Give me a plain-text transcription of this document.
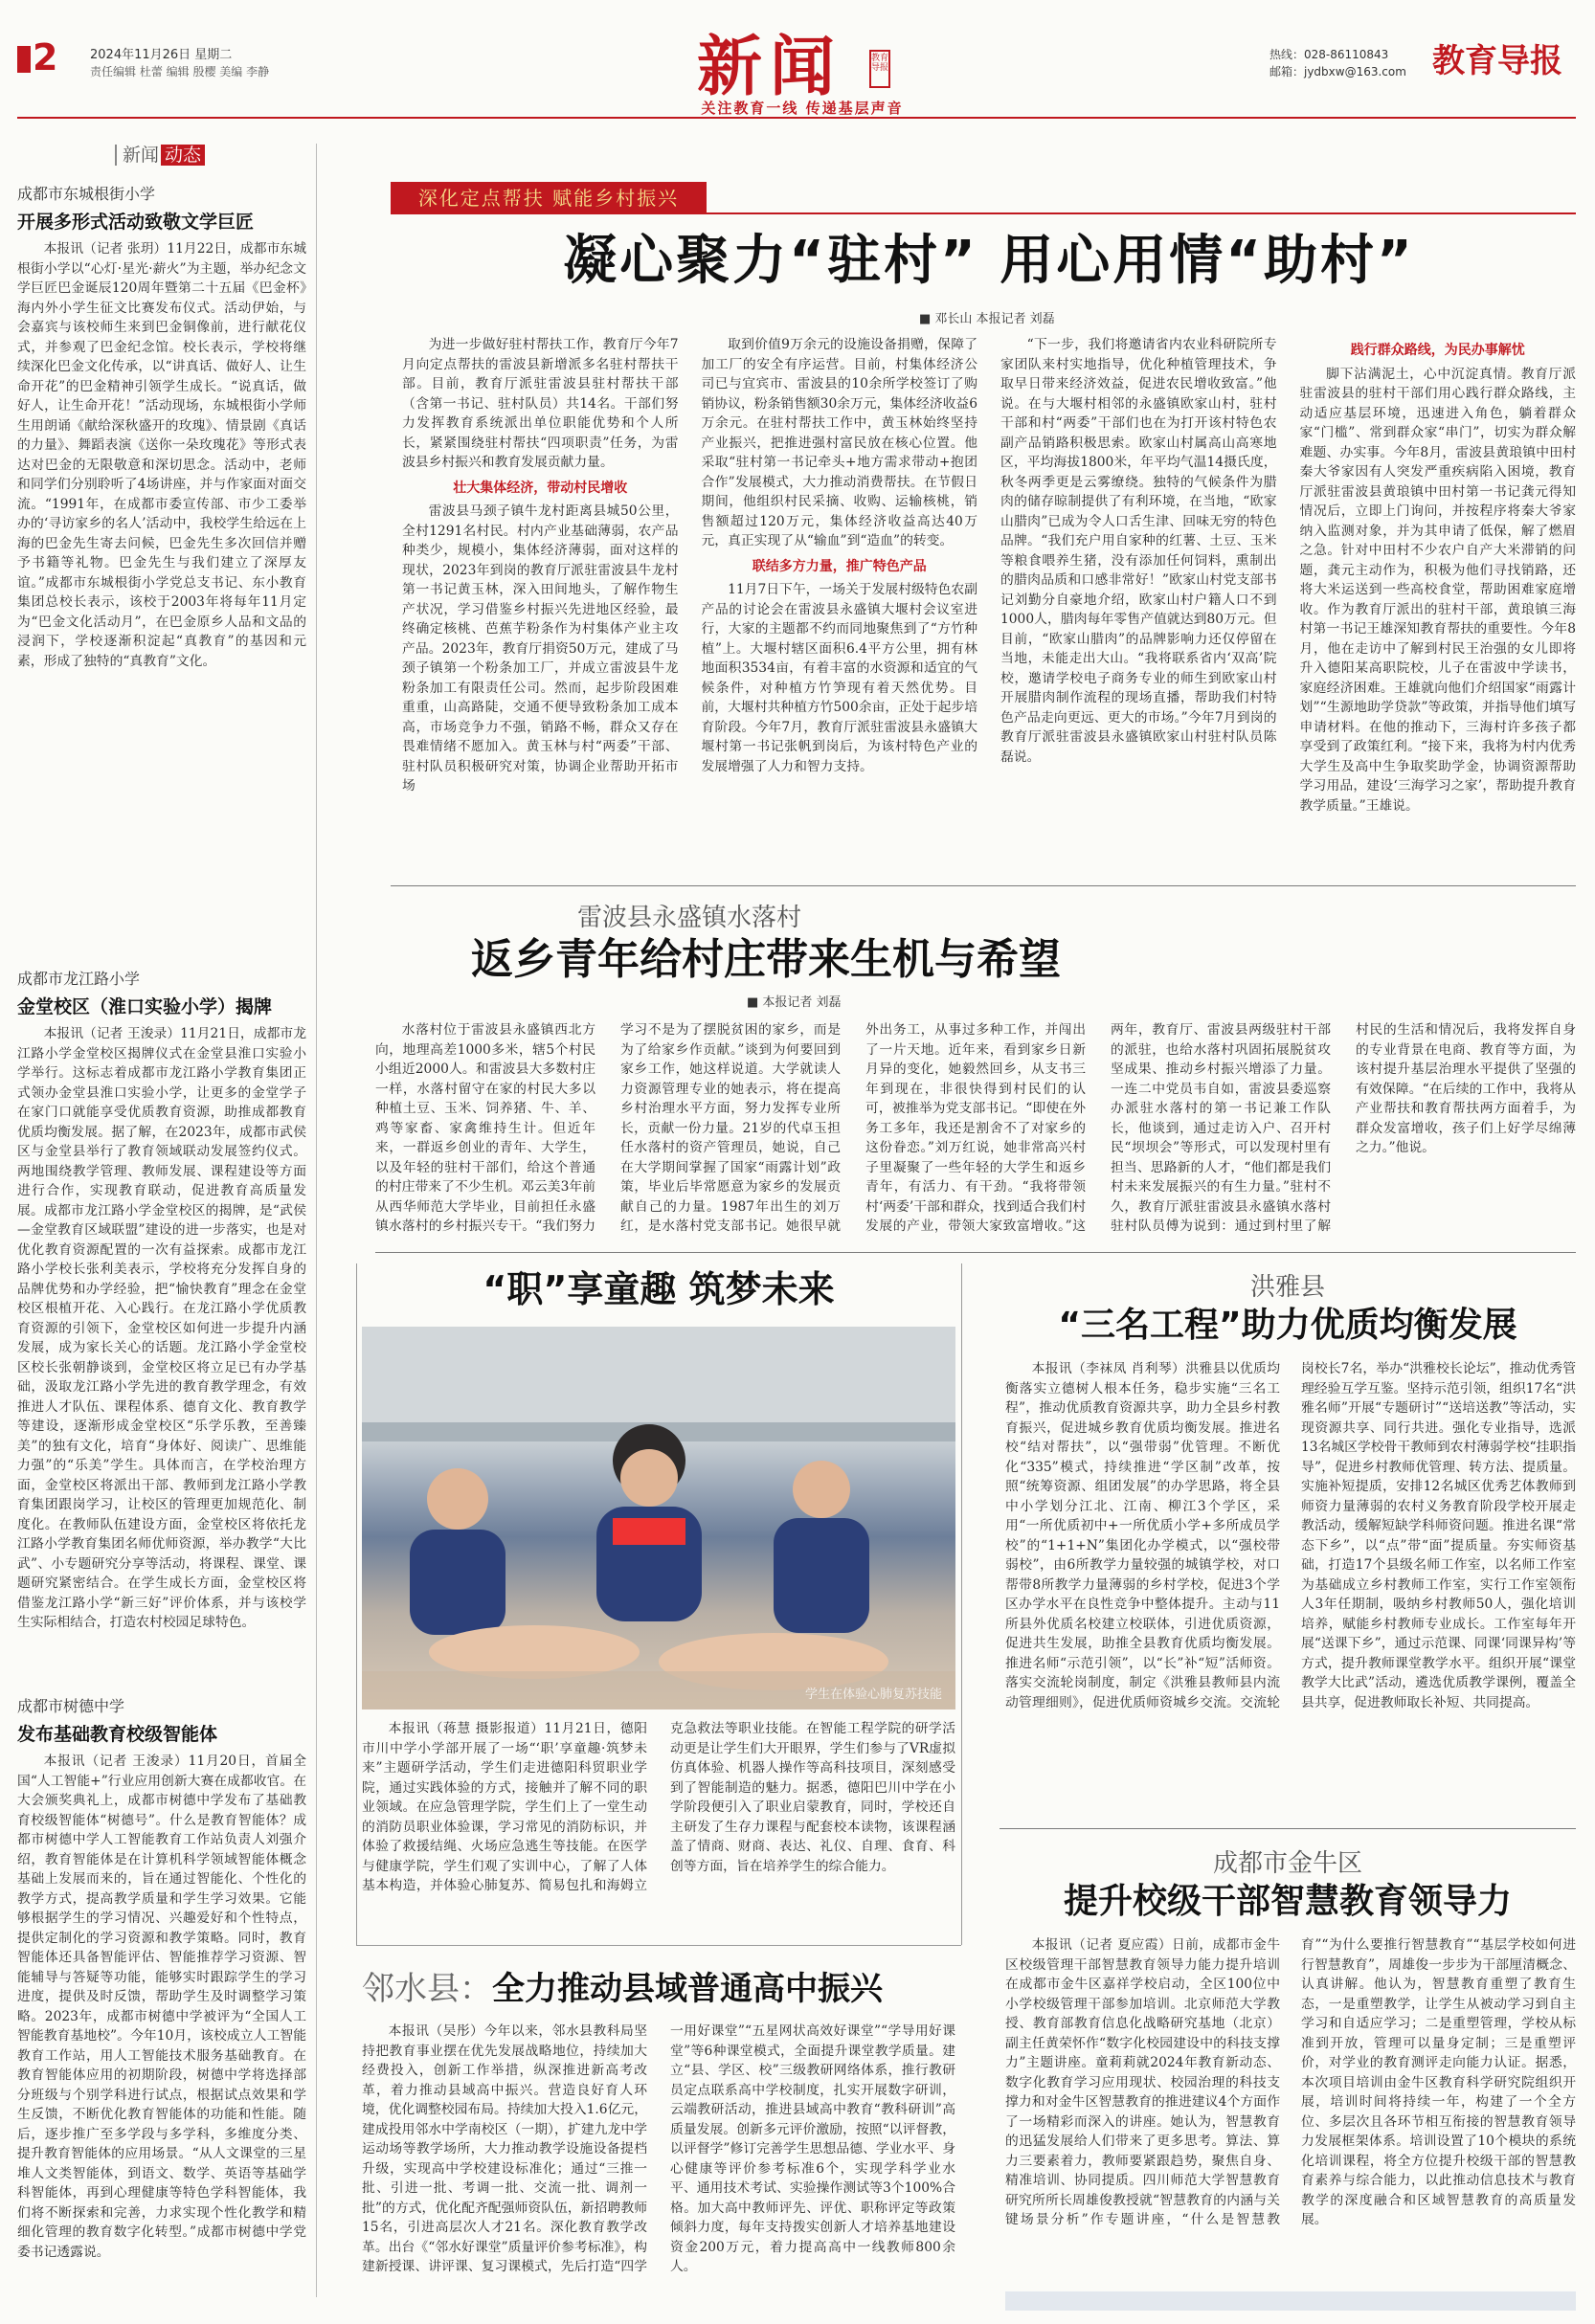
2	2024年11月26日 星期二
责任编辑 杜蕾 编辑 殷樱 美编 李静	新闻	教育导报
关注教育一线 传递基层声音
热线：028-86110843
邮箱：jydbxw@163.com 教育导报
新闻 动态
成都市东城根街小学
开展多形式活动致敬文学巨匠
本报讯（记者 张玥）11月22日，成都市东城根街小学以“心灯·星光·薪火”为主题，举办纪念文学巨匠巴金诞辰120周年暨第二十五届《巴金杯》海内外小学生征文比赛发布仪式。活动伊始，与会嘉宾与该校师生来到巴金铜像前，进行献花仪式，并参观了巴金纪念馆。校长表示，学校将继续深化巴金文化传承，以“讲真话、做好人、让生命开花”的巴金精神引领学生成长。“说真话，做好人，让生命开花！”活动现场，东城根街小学师生用朗诵《献给深秋盛开的玫瑰》、情景剧《真话的力量》、舞蹈表演《送你一朵玫瑰花》等形式表达对巴金的无限敬意和深切思念。活动中，老师和同学们分别聆听了4场讲座，并与作家面对面交流。“1991年，在成都市委宣传部、市少工委举办的‘寻访家乡的名人’活动中，我校学生给远在上海的巴金先生寄去问候，巴金先生多次回信并赠予书籍等礼物。巴金先生与我们建立了深厚友谊。”成都市东城根街小学党总支书记、东小教育集团总校长表示，该校于2003年将每年11月定为“巴金文化活动月”，在巴金原乡人品和文品的浸润下，学校逐渐积淀起“真教育”的基因和元素，形成了独特的“真教育”文化。
成都市龙江路小学
金堂校区（淮口实验小学）揭牌
本报讯（记者 王浚录）11月21日，成都市龙江路小学金堂校区揭牌仪式在金堂县淮口实验小学举行。这标志着成都市龙江路小学教育集团正式领办金堂县淮口实验小学，让更多的金堂学子在家门口就能享受优质教育资源，助推成都教育优质均衡发展。据了解，在2023年，成都市武侯区与金堂县举行了教育领域联动发展签约仪式。两地围绕教学管理、教师发展、课程建设等方面进行合作，实现教育联动，促进教育高质量发展。成都市龙江路小学金堂校区的揭牌，是“武侯—金堂教育区域联盟”建设的进一步落实，也是对优化教育资源配置的一次有益探索。成都市龙江路小学校长张利美表示，学校将充分发挥自身的品牌优势和办学经验，把“愉快教育”理念在金堂校区根植开花、入心践行。在龙江路小学优质教育资源的引领下，金堂校区如何进一步提升内涵发展，成为家长关心的话题。龙江路小学金堂校区校长张朝静谈到，金堂校区将立足已有办学基础，汲取龙江路小学先进的教育教学理念，有效推进人才队伍、课程体系、德育文化、教育教学等建设，逐渐形成金堂校区“乐学乐教，至善臻美”的独有文化，培育“身体好、阅读广、思维能力强”的“乐美”学生。具体而言，在学校治理方面，金堂校区将派出干部、教师到龙江路小学教育集团跟岗学习，让校区的管理更加规范化、制度化。在教师队伍建设方面，金堂校区将依托龙江路小学教育集团名师优师资源，举办教学“大比武”、小专题研究分享等活动，将课程、课堂、课题研究紧密结合。在学生成长方面，金堂校区将借鉴龙江路小学“新三好”评价体系，并与该校学生实际相结合，打造农村校园足球特色。
成都市树德中学
发布基础教育校级智能体
本报讯（记者 王浚录）11月20日，首届全国“人工智能+”行业应用创新大赛在成都收官。在大会颁奖典礼上，成都市树德中学发布了基础教育校级智能体“树德号”。什么是教育智能体？成都市树德中学人工智能教育工作站负责人刘强介绍，教育智能体是在计算机科学领域智能体概念基础上发展而来的，旨在通过智能化、个性化的教学方式，提高教学质量和学生学习效果。它能够根据学生的学习情况、兴趣爱好和个性特点，提供定制化的学习资源和教学策略。同时，教育智能体还具备智能评估、智能推荐学习资源、智能辅导与答疑等功能，能够实时跟踪学生的学习进度，提供及时反馈，帮助学生及时调整学习策略。2023年，成都市树德中学被评为“全国人工智能教育基地校”。今年10月，该校成立人工智能教育工作站，用人工智能技术服务基础教育。在教育智能体应用的初期阶段，树德中学将选择部分班级与个别学科进行试点，根据试点效果和学生反馈，不断优化教育智能体的功能和性能。随后，逐步推广至多学段与多学科，多维度分类、提升教育智能体的应用场景。“从人文课堂的三星堆人文类智能体，到语文、数学、英语等基础学科智能体，再到心理健康等特色学科智能体，我们将不断探索和完善，力求实现个性化教学和精细化管理的教育数字化转型。”成都市树德中学党委书记透露说。
深化定点帮扶 赋能乡村振兴
凝心聚力“驻村” 用心用情“助村”
■ 邓长山 本报记者 刘磊

为进一步做好驻村帮扶工作，教育厅今年7月向定点帮扶的雷波县新增派多名驻村帮扶干部。目前，教育厅派驻雷波县驻村帮扶干部（含第一书记、驻村队员）共14名。干部们努力发挥教育系统派出单位职能优势和个人所长，紧紧围绕驻村帮扶“四项职责”任务，为雷波县乡村振兴和教育发展贡献力量。

壮大集体经济，带动村民增收

雷波县马颈子镇牛龙村距离县城50公里，全村1291名村民。村内产业基础薄弱，农产品种类少，规模小，集体经济薄弱，面对这样的现状，2023年到岗的教育厅派驻雷波县牛龙村第一书记黄玉林，深入田间地头，了解作物生产状况，学习借鉴乡村振兴先进地区经验，最终确定核桃、芭蕉芋粉条作为村集体产业主攻产品。2023年，教育厅捐资50万元，建成了马颈子镇第一个粉条加工厂，并成立雷波县牛龙粉条加工有限责任公司。然而，起步阶段困难重重，山高路陡，交通不便导致粉条加工成本高，市场竞争力不强，销路不畅，群众又存在畏难情绪不愿加入。黄玉林与村“两委”干部、驻村队员积极研究对策，协调企业帮助开拓市场

取到价值9万余元的设施设备捐赠，保障了加工厂的安全有序运营。目前，村集体经济公司已与宜宾市、雷波县的10余所学校签订了购销协议，粉条销售额30余万元，集体经济收益6万余元。在驻村帮扶工作中，黄玉林始终坚持产业振兴，把推进强村富民放在核心位置。他采取“驻村第一书记牵头+地方需求带动+抱团合作”发展模式，大力推动消费帮扶。在节假日期间，他组织村民采摘、收购、运输核桃，销售额超过120万元，集体经济收益高达40万元，真正实现了从“输血”到“造血”的转变。

联结多方力量，推广特色产品

11月7日下午，一场关于发展村级特色农副产品的讨论会在雷波县永盛镇大堰村会议室进行，大家的主题都不约而同地聚焦到了“方竹种植”上。大堰村辖区面积6.4平方公里，拥有林地面积3534亩，有着丰富的水资源和适宜的气候条件，对种植方竹笋现有着天然优势。目前，大堰村共种植方竹500余亩，正处于起步培育阶段。今年7月，教育厅派驻雷波县永盛镇大堰村第一书记张帆到岗后，为该村特色产业的发展增强了人力和智力支持。

“下一步，我们将邀请省内农业科研院所专家团队来村实地指导，优化种植管理技术，争取早日带来经济效益，促进农民增收致富。”他说。在与大堰村相邻的永盛镇欧家山村，驻村干部和村“两委”干部们也在为打开该村特色农副产品销路积极思索。欧家山村属高山高寒地区，平均海拔1800米，年平均气温14摄氏度，秋冬两季更是云雾缭绕。独特的气候条件为腊肉的储存晾制提供了有利环境，在当地，“欧家山腊肉”已成为令人口舌生津、回味无穷的特色品牌。“我们充户用自家种的红薯、土豆、玉米等粮食喂养生猪，没有添加任何饲料，熏制出的腊肉品质和口感非常好！”欧家山村党支部书记刘勤分自豪地介绍，欧家山村户籍人口不到1000人，腊肉每年零售产值就达到80万元。但目前，“欧家山腊肉”的品牌影响力还仅停留在当地，未能走出大山。“我将联系省内‘双高’院校，邀请学校电子商务专业的师生到欧家山村开展腊肉制作流程的现场直播，帮助我们村特色产品走向更远、更大的市场。”今年7月到岗的教育厅派驻雷波县永盛镇欧家山村驻村队员陈磊说。

践行群众路线，为民办事解忧

脚下沾满泥土，心中沉淀真情。教育厅派驻雷波县的驻村干部们用心践行群众路线，主动适应基层环境，迅速进入角色，躺着群众家“门槛”、常到群众家“串门”，切实为群众解难题、办实事。今年8月，雷波县黄琅镇中田村秦大爷家因有人突发严重疾病陷入困境，教育厅派驻雷波县黄琅镇中田村第一书记龚元得知情况后，立即上门询问，并按程序将秦大爷家纳入监测对象，并为其申请了低保，解了燃眉之急。针对中田村不少农户自产大米滞销的问题，龚元主动作为，积极为他们寻找销路，还将大米运送到一些高校食堂，帮助困难家庭增收。作为教育厅派出的驻村干部，黄琅镇三海村第一书记王雄深知教育帮扶的重要性。今年8月，他在走访中了解到村民王治强的女儿即将升入德阳某高职院校，儿子在雷波中学读书，家庭经济困难。王雄就向他们介绍国家“雨露计划”“生源地助学贷款”等政策，并指导他们填写申请材料。在他的推动下，三海村许多孩子都享受到了政策红利。“接下来，我将为村内优秀大学生及高中生争取奖助学金，协调资源帮助学习用品，建设‘三海学习之家’，帮助提升教育教学质量。”王雄说。

雷波县永盛镇水落村
返乡青年给村庄带来生机与希望
■ 本报记者 刘磊
水落村位于雷波县永盛镇西北方向，地理高差1000多米，辖5个村民小组近2000人。和雷波县大多数村庄一样，水落村留守在家的村民大多以种植土豆、玉米、饲养猪、牛、羊、鸡等家畜、家禽维持生计。但近年来，一群返乡创业的青年、大学生，以及年轻的驻村干部们，给这个普通的村庄带来了不少生机。邓云美3年前从西华师范大学毕业，目前担任永盛镇水落村的乡村振兴专干。“我们努力学习不是为了摆脱贫困的家乡，而是为了给家乡作贡献。”谈到为何要回到家乡工作，她这样说道。大学就读人力资源管理专业的她表示，将在提高乡村治理水平方面，努力发挥专业所长，贡献一份力量。21岁的代卓玉担任水落村的资产管理员，她说，自己在大学期间掌握了国家“雨露计划”政策，毕业后毕常愿意为家乡的发展贡献自己的力量。1987年出生的刘万红，是水落村党支部书记。她很早就外出务工，从事过多种工作，并闯出了一片天地。近年来，看到家乡日新月异的变化，她毅然回乡，从支书三年到现在，非很快得到村民们的认可，被推举为党支部书记。“即使在外务工多年，我还是割舍不了对家乡的这份眷恋。”刘万红说，她非常高兴村子里凝聚了一些年轻的大学生和返乡青年，有活力、有干劲。“我将带领村‘两委’干部和群众，找到适合我们村发展的产业，带领大家致富增收。”这两年，教育厅、雷波县两级驻村干部的派驻，也给水落村巩固拓展脱贫攻坚成果、推动乡村振兴增添了力量。一连二中党员韦自如，雷波县委巡察办派驻水落村的第一书记兼工作队长，他谈到，通过走访入户、召开村民“坝坝会”等形式，可以发现村里有担当、思路新的人才，“他们都是我们村未来发展振兴的有生力量。”驻村不久，教育厅派驻雷波县永盛镇水落村驻村队员傅为说到：通过到村里了解村民的生活和情况后，我将发挥自身的专业背景在电商、教育等方面，为该村提升基层治理水平提供了坚强的有效保障。“在后续的工作中，我将从产业帮扶和教育帮扶两方面着手，为群众发富增收，孩子们上好学尽绵薄之力。”他说。
“职”享童趣 筑梦未来
学生在体验心肺复苏技能
本报讯（蒋慧 摄影报道）11月21日，德阳市川中学小学部开展了一场“‘职’享童趣·筑梦未来”主题研学活动，学生们走进德阳科贸职业学院，通过实践体验的方式，接触并了解不同的职业领域。在应急管理学院，学生们上了一堂生动的消防员职业体验课，学习常见的消防标识，并体验了救援结绳、火场应急逃生等技能。在医学与健康学院，学生们观了实训中心，了解了人体基本构造，并体验心肺复苏、简易包扎和海姆立克急救法等职业技能。在智能工程学院的研学活动更是让学生们大开眼界，学生们参与了VR虚拟仿真体验、机器人操作等高科技项目，深刻感受到了智能制造的魅力。据悉，德阳巴川中学在小学阶段便引入了职业启蒙教育，同时，学校还自主研发了生存力课程与配套校本读物，该课程涵盖了情商、财商、表达、礼仪、自理、食育、科创等方面，旨在培养学生的综合能力。
洪雅县
“三名工程”助力优质均衡发展
本报讯（李袜凤 肖利琴）洪雅县以优质均衡落实立德树人根本任务，稳步实施“三名工程”，推动优质教育资源共享，助力全县乡村教育振兴，促进城乡教育优质均衡发展。推进名校“结对帮扶”，以“强带弱”优管理。不断优化“335”模式，持续推进“学区制”改革，按照“统筹资源、组团发展”的办学思路，将全县中小学划分江北、江南、柳江3个学区，采用“一所优质初中+一所优质小学+多所成员学校”的“1+1+N”集团化办学模式，以“强校带弱校”，由6所教学力量较强的城镇学校，对口帮带8所教学力量薄弱的乡村学校，促进3个学区办学水平在良性竞争中整体提升。主动与11所县外优质名校建立校联体，引进优质资源，促进共生发展，助推全县教育优质均衡发展。推进名师“示范引领”，以“长”补“短”活师资。落实交流轮岗制度，制定《洪雅县教师县内流动管理细则》，促进优质师资城乡交流。交流轮岗校长7名，举办“洪雅校长论坛”，推动优秀管理经验互学互鉴。坚持示范引领，组织17名“洪雅名师”开展“专题研讨”“送培送教”等活动，实现资源共享、同行共进。强化专业指导，选派13名城区学校骨干教师到农村薄弱学校“挂职指导”，促进乡村教师优管理、转方法、提质量。实施补短提质，安排12名城区优秀艺体教师到师资力量薄弱的农村义务教育阶段学校开展走教活动，缓解短缺学科师资问题。推进名课“常态下乡”，以“点”带“面”提质量。夯实师资基础，打造17个县级名师工作室，以名师工作室为基础成立乡村教师工作室，实行工作室领衔人3年任期制，吸纳乡村教师50人，强化培训培养，赋能乡村教师专业成长。工作室每年开展“送课下乡”，通过示范课、同课‘同课异构’等方式，提升教师课堂教学水平。组织开展“课堂教学大比武”活动，遴选优质教学课例，覆盖全县共享，促进教师取长补短、共同提高。
邻水县：全力推动县域普通高中振兴
本报讯（吴彤）今年以来，邻水县教科局坚持把教育事业摆在优先发展战略地位，持续加大经费投入，创新工作举措，纵深推进新高考改革，着力推动县域高中振兴。营造良好育人环境，优化调整校园布局。持续加大投入1.6亿元，建成投用邻水中学南校区（一期），扩建九龙中学运动场等教学场所，大力推动教学设施设备提档升级，实现高中学校建设标准化；通过“三推一批、引进一批、考调一批、交流一批、调剂一批”的方式，优化配齐配强师资队伍，新招聘教师15名，引进高层次人才21名。深化教育教学改革。出台《“邻水好课堂”质量评价参考标准》，构建新授课、讲评课、复习课模式，先后打造“四学一用好课堂”“五星网状高效好课堂”“学导用好课堂”等6种课堂模式，全面提升课堂教学质量。建立“县、学区、校”三级教研网络体系，推行教研员定点联系高中学校制度，扎实开展数字研训，云端教研活动，推进县域高中教育“教科研训”高质量发展。创新多元评价激励，按照“以评督教，以评督学”修订完善学生思想品德、学业水平、身心健康等评价参考标准6个，实现学科学业水平、通用技术考试、实验操作测试等3个100%合格。加大高中教师评先、评优、职称评定等政策倾斜力度，每年支持拨实创新人才培养基地建设资金200万元，着力提高高中一线教师800余人。
成都市金牛区
提升校级干部智慧教育领导力
本报讯（记者 夏应霞）日前，成都市金牛区校级管理干部智慧教育领导力能力提升培训在成都市金牛区嘉祥学校启动，全区100位中小学校级管理干部参加培训。北京师范大学教授、教育部教育信息化战略研究基地（北京）副主任黄荣怀作“数字化校园建设中的科技支撑力”主题讲座。童莉莉就2024年教育新动态、数字化教育学习应用现状、校园治理的科技支撑力和对金牛区智慧教育的推进建议4个方面作了一场精彩而深入的讲座。她认为，智慧教育的迅猛发展给人们带来了更多思考。算法、算力三要素着力，教师要紧跟趋势，聚焦自身、精准培训、协同提质。四川师范大学智慧教育研究所所长周雄俊教授就“智慧教育的内涵与关键场景分析”作专题讲座，“什么是智慧教育”“为什么要推行智慧教育”“基层学校如何进行智慧教育”，周雄俊一步步为干部厘清概念、认真讲解。他认为，智慧教育重塑了教育生态，一是重塑教学，让学生从被动学习到自主学习和自适应学习；二是重塑管理，学校从标准到开放，管理可以量身定制；三是重塑评价，对学业的教育测评走向能力认证。据悉，本次项目培训由金牛区教育科学研究院组织开展，培训时间将持续一年，构建了一个全方位、多层次且各环节相互衔接的智慧教育领导力发展框架体系。培训设置了10个模块的系统化培训课程，将全方位提升校级干部的智慧教育素养与综合能力，以此推动信息技术与教育教学的深度融合和区域智慧教育的高质量发展。
